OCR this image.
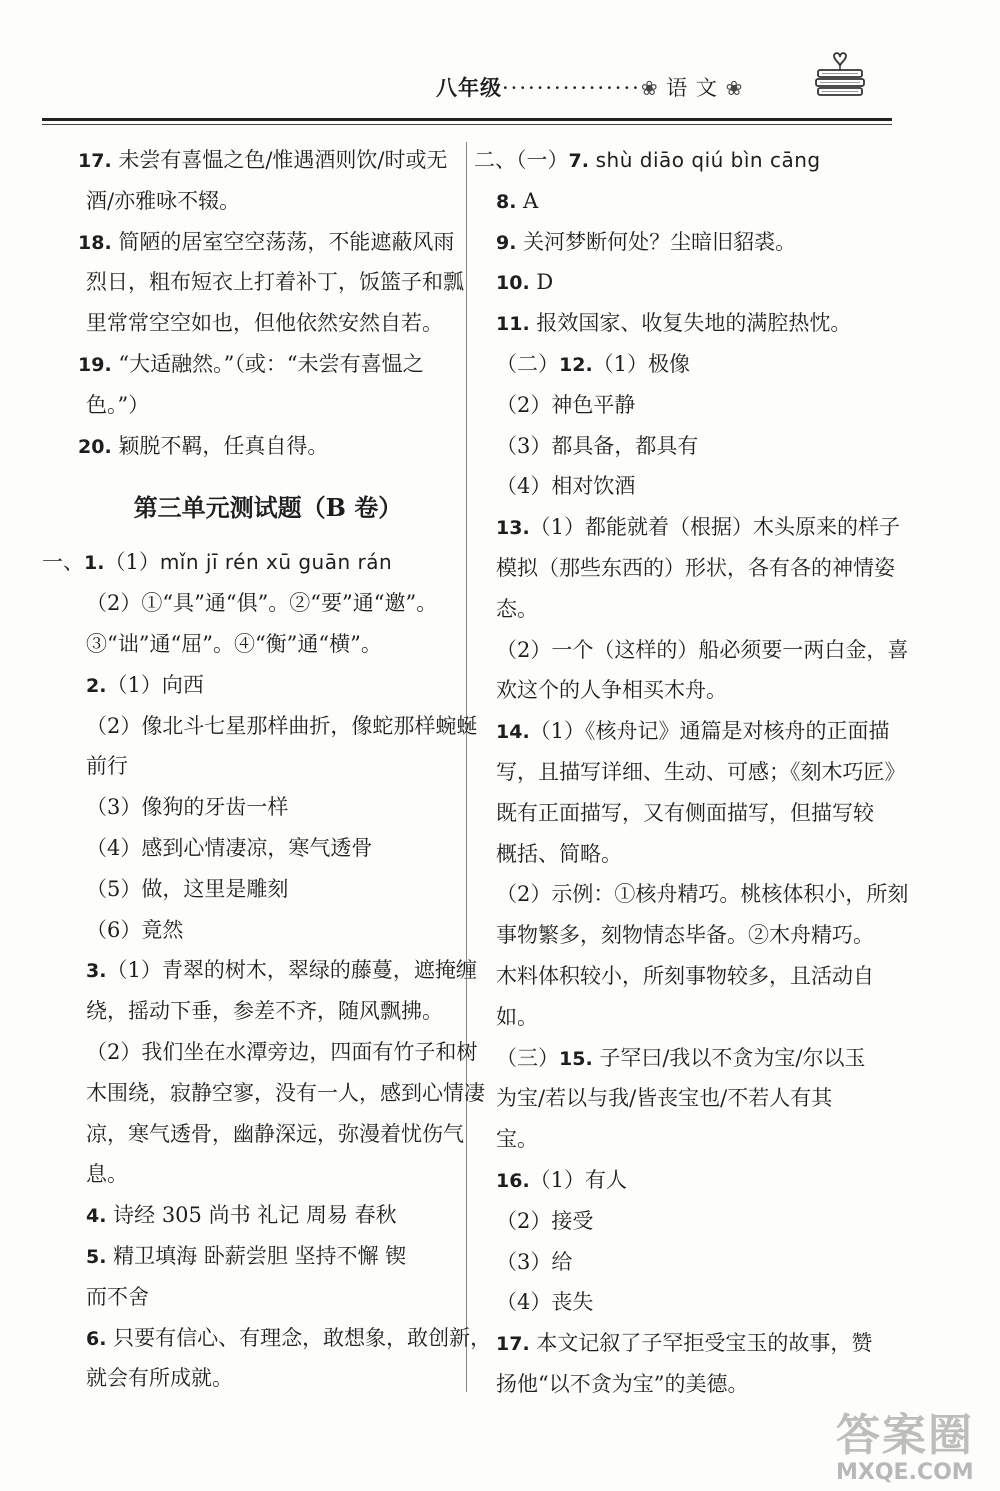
八年级················❀ 语 文 ❀
17. 未尝有喜愠之色/惟遇酒则饮/时或无
酒/亦雅咏不辍。
18. 简陋的居室空空荡荡，不能遮蔽风雨
烈日，粗布短衣上打着补丁，饭篮子和瓢
里常常空空如也，但他依然安然自若。
19. “大适融然。”（或：“未尝有喜愠之
色。”）
20. 颖脱不羁，任真自得。
第三单元测试题（B 卷）
一、1.（1）mǐn jī rén xū guān rán
（2）①“具”通“俱”。②“要”通“邀”。
③“诎”通“屈”。④“衡”通“横”。
2.（1）向西
（2）像北斗七星那样曲折，像蛇那样蜿蜒
前行
（3）像狗的牙齿一样
（4）感到心情凄凉，寒气透骨
（5）做，这里是雕刻
（6）竟然
3.（1）青翠的树木，翠绿的藤蔓，遮掩缠
绕，摇动下垂，参差不齐，随风飘拂。
（2）我们坐在水潭旁边，四面有竹子和树
木围绕，寂静空寥，没有一人，感到心情凄
凉，寒气透骨，幽静深远，弥漫着忧伤气
息。
4. 诗经 305 尚书 礼记 周易 春秋
5. 精卫填海 卧薪尝胆 坚持不懈 锲
而不舍
6. 只要有信心、有理念，敢想象，敢创新，
就会有所成就。
二、（一）7. shù diāo qiú bìn cāng
8. A
9. 关河梦断何处？尘暗旧貂裘。
10. D
11. 报效国家、收复失地的满腔热忱。
（二）12.（1）极像
（2）神色平静
（3）都具备，都具有
（4）相对饮酒
13.（1）都能就着（根据）木头原来的样子
模拟（那些东西的）形状，各有各的神情姿
态。
（2）一个（这样的）船必须要一两白金，喜
欢这个的人争相买木舟。
14.（1）《核舟记》通篇是对核舟的正面描
写，且描写详细、生动、可感；《刻木巧匠》
既有正面描写，又有侧面描写，但描写较
概括、简略。
（2）示例：①核舟精巧。桃核体积小，所刻
事物繁多，刻物情态毕备。②木舟精巧。
木料体积较小，所刻事物较多，且活动自
如。
（三）15. 子罕曰/我以不贪为宝/尔以玉
为宝/若以与我/皆丧宝也/不若人有其
宝。
16.（1）有人
（2）接受
（3）给
（4）丧失
17. 本文记叙了子罕拒受宝玉的故事，赞
扬他“以不贪为宝”的美德。
答案圈
MXQE.COM
